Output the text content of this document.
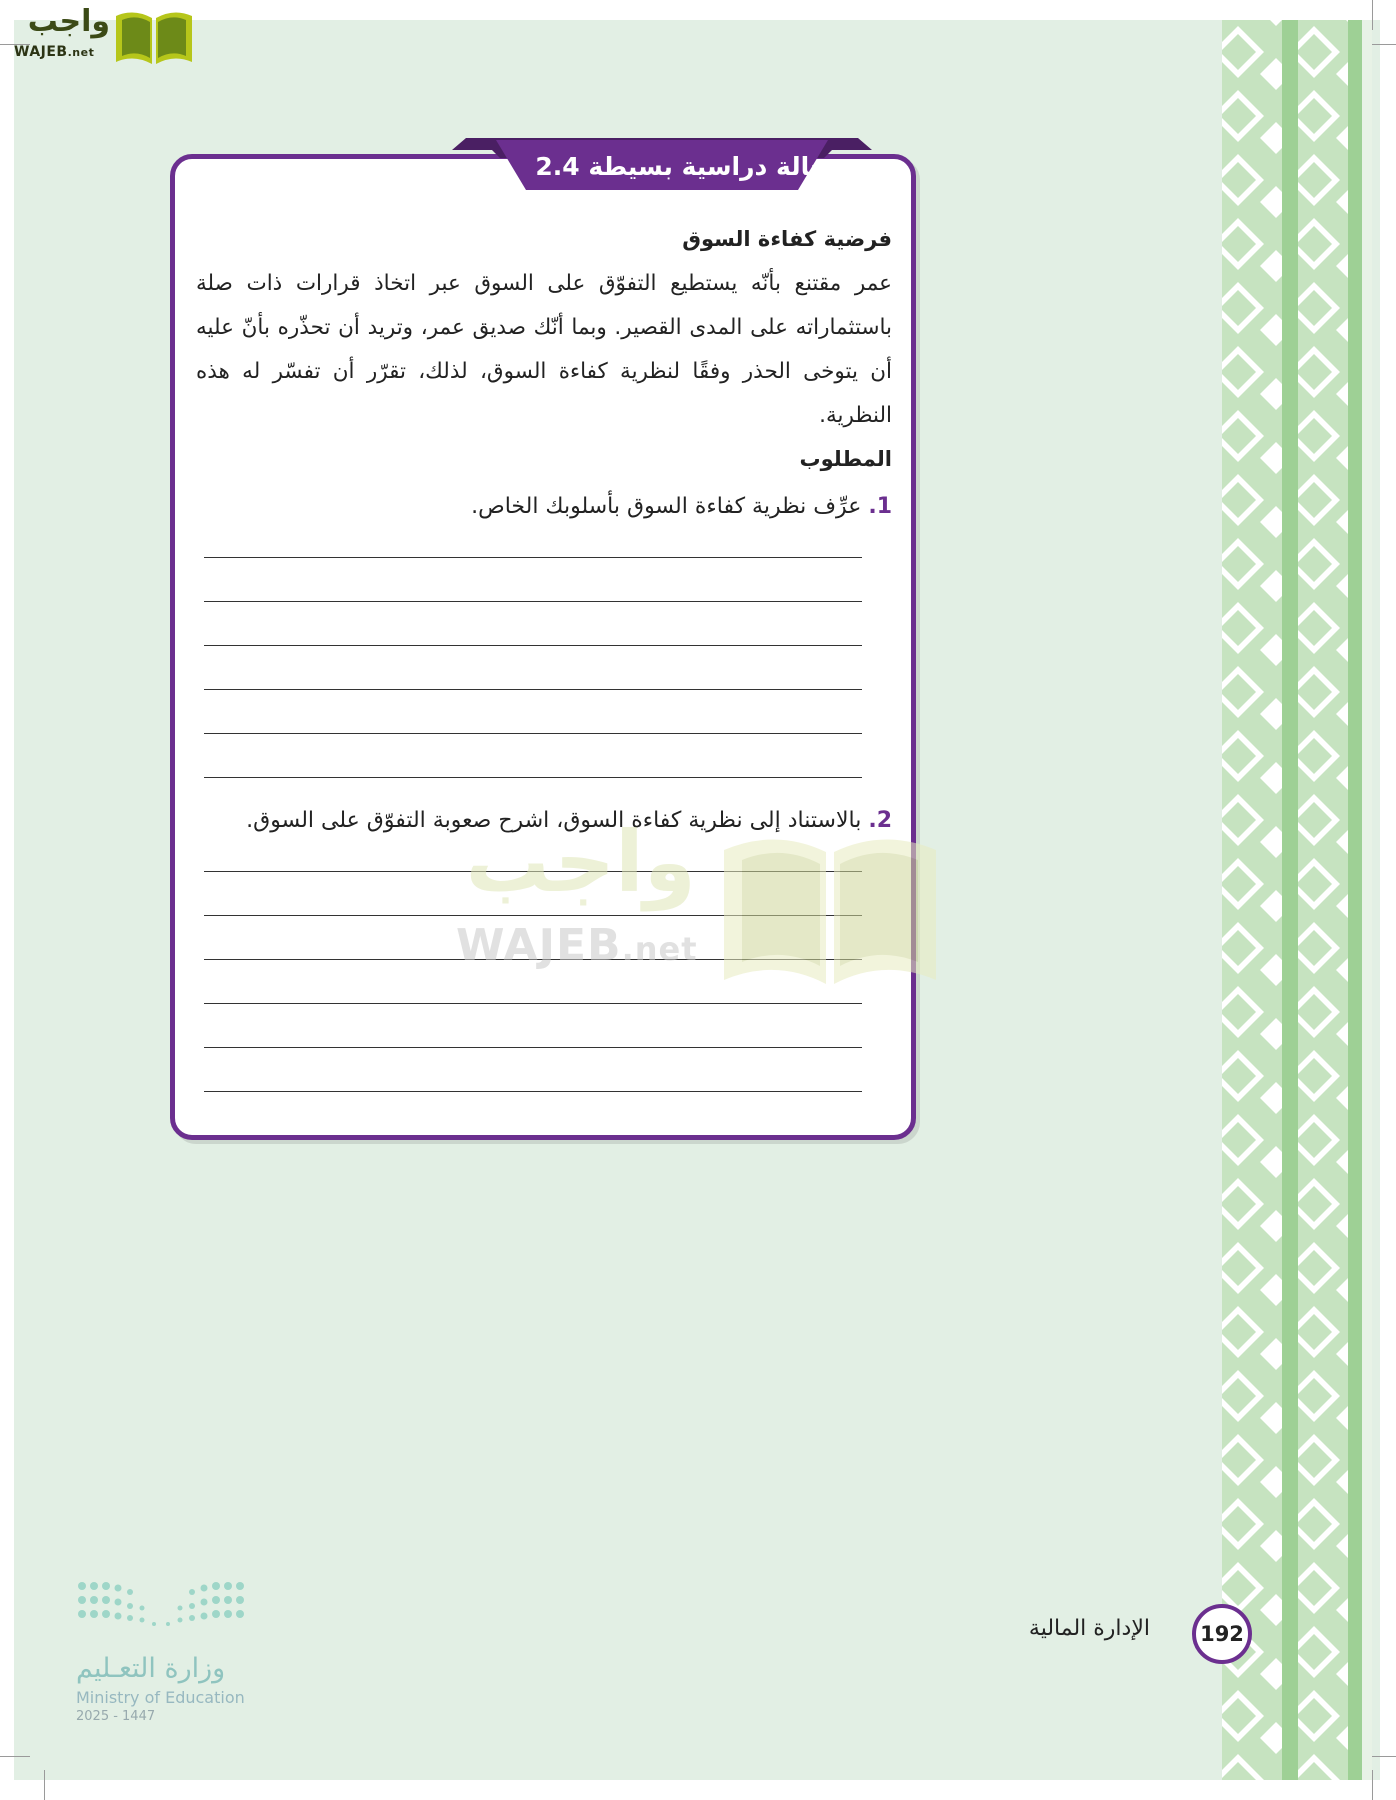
واجب
WAJEB.net
حالة دراسية بسيطة 2.4
فرضية كفاءة السوق
عمر مقتنع بأنّه يستطيع التفوّق على السوق عبر اتخاذ قرارات ذات صلة باستثماراته على المدى القصير. وبما أنّك صديق عمر، وتريد أن تحذّره بأنّ عليه أن يتوخى الحذر وفقًا لنظرية كفاءة السوق، لذلك، تقرّر أن تفسّر له هذه النظرية.
المطلوب
1. عرِّف نظرية كفاءة السوق بأسلوبك الخاص.
2. بالاستناد إلى نظرية كفاءة السوق، اشرح صعوبة التفوّق على السوق.
واجب
WAJEB.net
وزارة التعـليم
Ministry of Education
2025 - 1447
192
الإدارة المالية
